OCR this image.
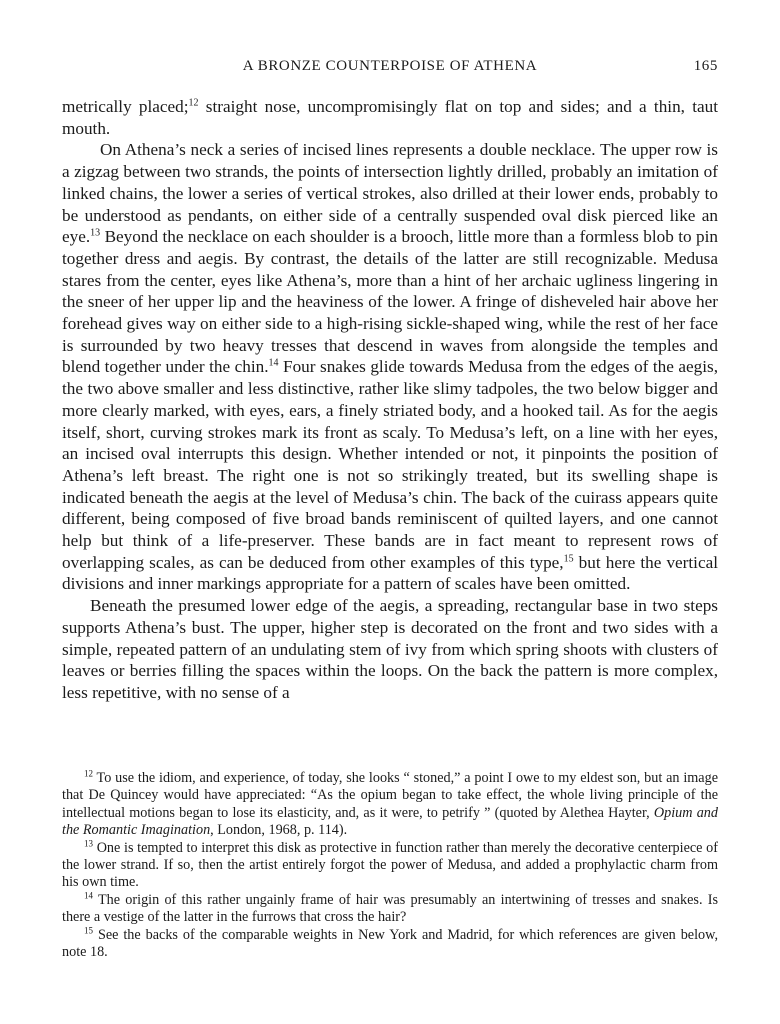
A BRONZE COUNTERPOISE OF ATHENA	165

metrically placed;$^{12}$ straight nose, uncompromisingly flat on top and sides; and a thin, taut mouth.

On Athena’s neck a series of incised lines represents a double necklace. The upper row is a zigzag between two strands, the points of intersection lightly drilled, probably an imitation of linked chains, the lower a series of vertical strokes, also drilled at their lower ends, probably to be understood as pendants, on either side of a centrally suspended oval disk pierced like an eye.$^{13}$ Beyond the necklace on each shoulder is a brooch, little more than a formless blob to pin together dress and aegis. By contrast, the details of the latter are still recognizable. Medusa stares from the center, eyes like Athena’s, more than a hint of her archaic ugliness lingering in the sneer of her upper lip and the heaviness of the lower. A fringe of disheveled hair above her forehead gives way on either side to a high-rising sickle-shaped wing, while the rest of her face is surrounded by two heavy tresses that descend in waves from alongside the temples and blend together under the chin.$^{14}$ Four snakes glide towards Medusa from the edges of the aegis, the two above smaller and less distinctive, rather like slimy tadpoles, the two below bigger and more clearly marked, with eyes, ears, a finely striated body, and a hooked tail. As for the aegis itself, short, curving strokes mark its front as scaly. To Medusa’s left, on a line with her eyes, an incised oval interrupts this design. Whether intended or not, it pinpoints the position of Athena’s left breast. The right one is not so strikingly treated, but its swelling shape is indicated beneath the aegis at the level of Medusa’s chin. The back of the cuirass appears quite different, being composed of five broad bands reminiscent of quilted layers, and one cannot help but think of a life-preserver. These bands are in fact meant to represent rows of overlapping scales, as can be deduced from other examples of this type,$^{15}$ but here the vertical divisions and inner markings appropriate for a pattern of scales have been omitted.

Beneath the presumed lower edge of the aegis, a spreading, rectangular base in two steps supports Athena’s bust. The upper, higher step is decorated on the front and two sides with a simple, repeated pattern of an undulating stem of ivy from which spring shoots with clusters of leaves or berries filling the spaces within the loops. On the back the pattern is more complex, less repetitive, with no sense of a

$^{12}$ To use the idiom, and experience, of today, she looks “ stoned,” a point I owe to my eldest son, but an image that De Quincey would have appreciated: “As the opium began to take effect, the whole living principle of the intellectual motions began to lose its elasticity, and, as it were, to petrify ” (quoted by Alethea Hayter, Opium and the Romantic Imagination, London, 1968, p. 114).

$^{13}$ One is tempted to interpret this disk as protective in function rather than merely the decorative centerpiece of the lower strand. If so, then the artist entirely forgot the power of Medusa, and added a prophylactic charm from his own time.

$^{14}$ The origin of this rather ungainly frame of hair was presumably an intertwining of tresses and snakes. Is there a vestige of the latter in the furrows that cross the hair?

$^{15}$ See the backs of the comparable weights in New York and Madrid, for which references are given below, note 18.
